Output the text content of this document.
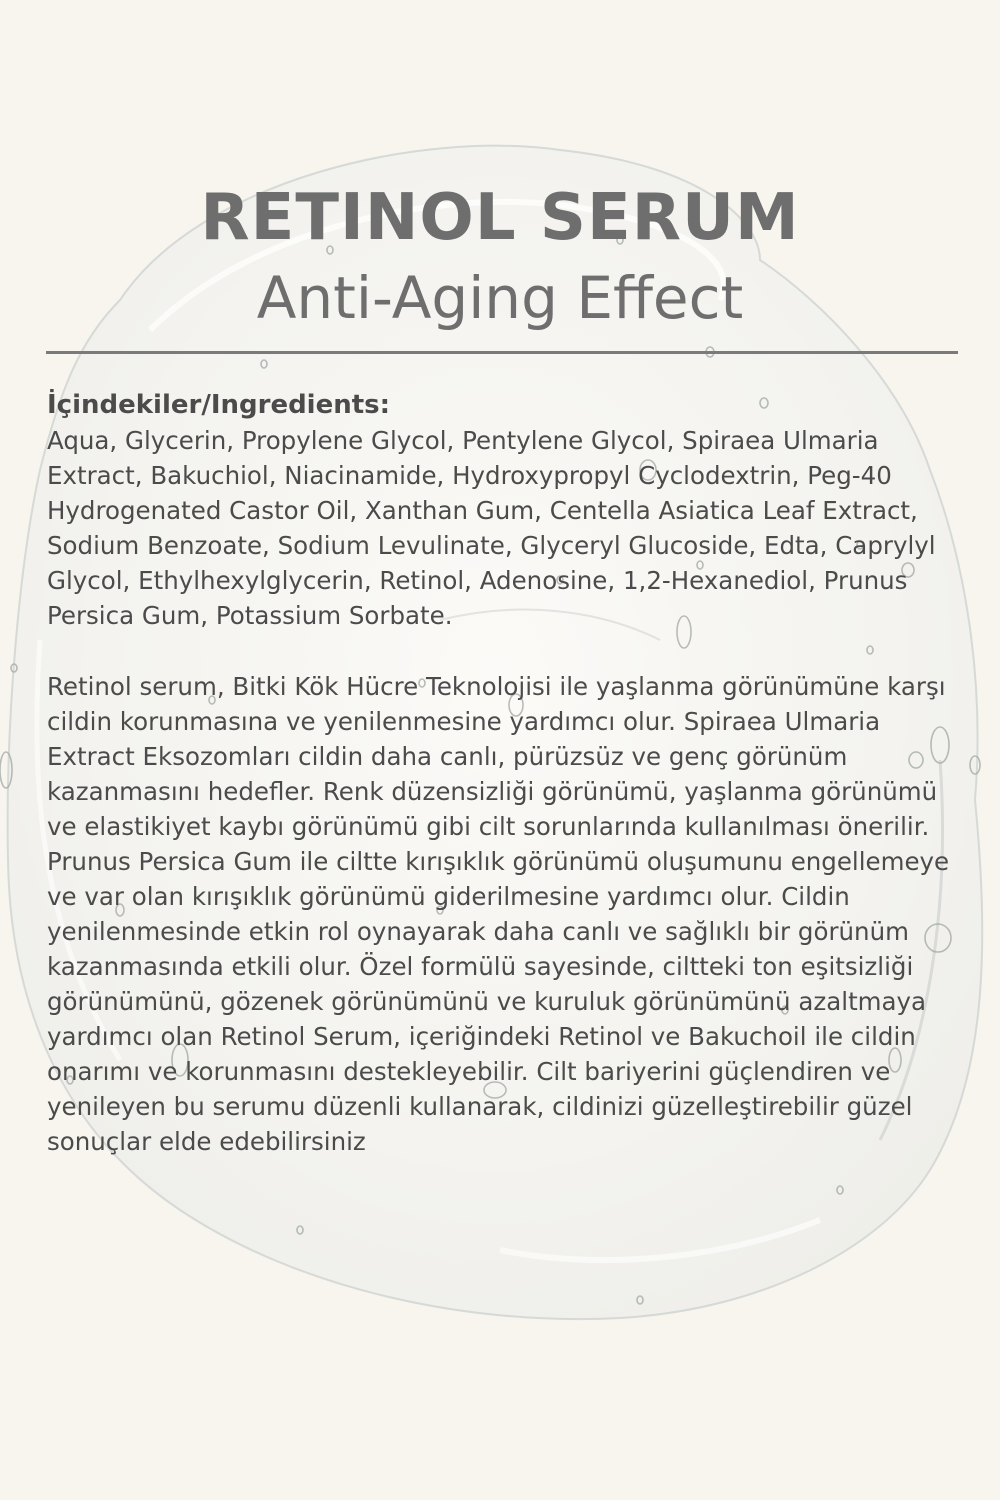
RETINOL SERUM
Anti-Aging Effect
İçindekiler/Ingredients:
Aqua, Glycerin, Propylene Glycol, Pentylene Glycol, Spiraea Ulmaria Extract, Bakuchiol, Niacinamide, Hydroxypropyl Cyclodextrin, Peg-40 Hydrogenated Castor Oil, Xanthan Gum, Centella Asiatica Leaf Extract, Sodium Benzoate, Sodium Levulinate, Glyceryl Glucoside, Edta, Caprylyl Glycol, Ethylhexylglycerin, Retinol, Adenosine, 1,2-Hexanediol, Prunus Persica Gum, Potassium Sorbate.
Retinol serum, Bitki Kök Hücre Teknolojisi ile yaşlanma görünümüne karşı cildin korunmasına ve yenilenmesine yardımcı olur. Spiraea Ulmaria Extract Eksozomları cildin daha canlı, pürüzsüz ve genç görünüm kazanmasını hedefler. Renk düzensizliği görünümü, yaşlanma görünümü ve elastikiyet kaybı görünümü gibi cilt sorunlarında kullanılması önerilir. Prunus Persica Gum ile ciltte kırışıklık görünümü oluşumunu engellemeye ve var olan kırışıklık görünümü giderilmesine yardımcı olur. Cildin yenilenmesinde etkin rol oynayarak daha canlı ve sağlıklı bir görünüm kazanmasında etkili olur. Özel formülü sayesinde, ciltteki ton eşitsizliği görünümünü, gözenek görünümünü ve kuruluk görünümünü azaltmaya yardımcı olan Retinol Serum, içeriğindeki Retinol ve Bakuchoil ile cildin onarımı ve korunmasını destekleyebilir. Cilt bariyerini güçlendiren ve yenileyen bu serumu düzenli kullanarak, cildinizi güzelleştirebilir güzel sonuçlar elde edebilirsiniz
